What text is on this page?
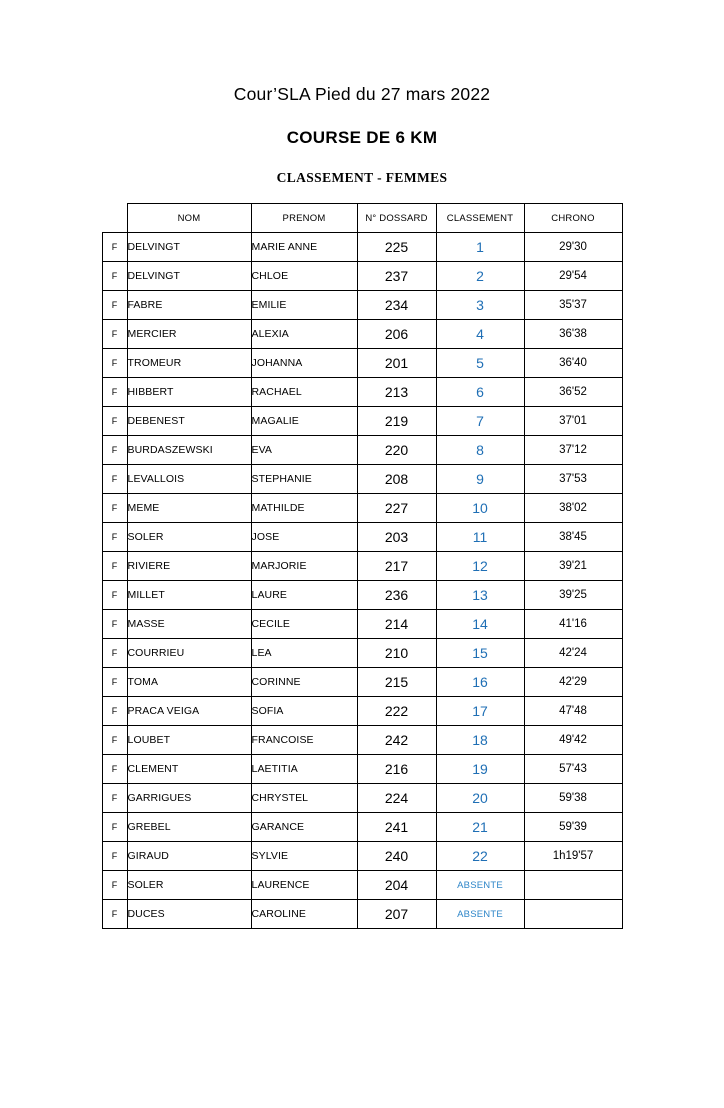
Cour’SLA Pied du 27 mars 2022
COURSE DE 6 KM
CLASSEMENT - FEMMES
	NOM	PRENOM	N° DOSSARD	CLASSEMENT	CHRONO
F	DELVINGT	MARIE ANNE	225	1	29'30
F	DELVINGT	CHLOE	237	2	29'54
F	FABRE	EMILIE	234	3	35'37
F	MERCIER	ALEXIA	206	4	36'38
F	TROMEUR	JOHANNA	201	5	36'40
F	HIBBERT	RACHAEL	213	6	36'52
F	DEBENEST	MAGALIE	219	7	37'01
F	BURDASZEWSKI	EVA	220	8	37'12
F	LEVALLOIS	STEPHANIE	208	9	37'53
F	MEME	MATHILDE	227	10	38'02
F	SOLER	JOSE	203	11	38'45
F	RIVIERE	MARJORIE	217	12	39'21
F	MILLET	LAURE	236	13	39'25
F	MASSE	CECILE	214	14	41'16
F	COURRIEU	LEA	210	15	42'24
F	TOMA	CORINNE	215	16	42'29
F	PRACA VEIGA	SOFIA	222	17	47'48
F	LOUBET	FRANCOISE	242	18	49'42
F	CLEMENT	LAETITIA	216	19	57'43
F	GARRIGUES	CHRYSTEL	224	20	59'38
F	GREBEL	GARANCE	241	21	59'39
F	GIRAUD	SYLVIE	240	22	1h19'57
F	SOLER	LAURENCE	204	ABSENTE	
F	DUCES	CAROLINE	207	ABSENTE	
